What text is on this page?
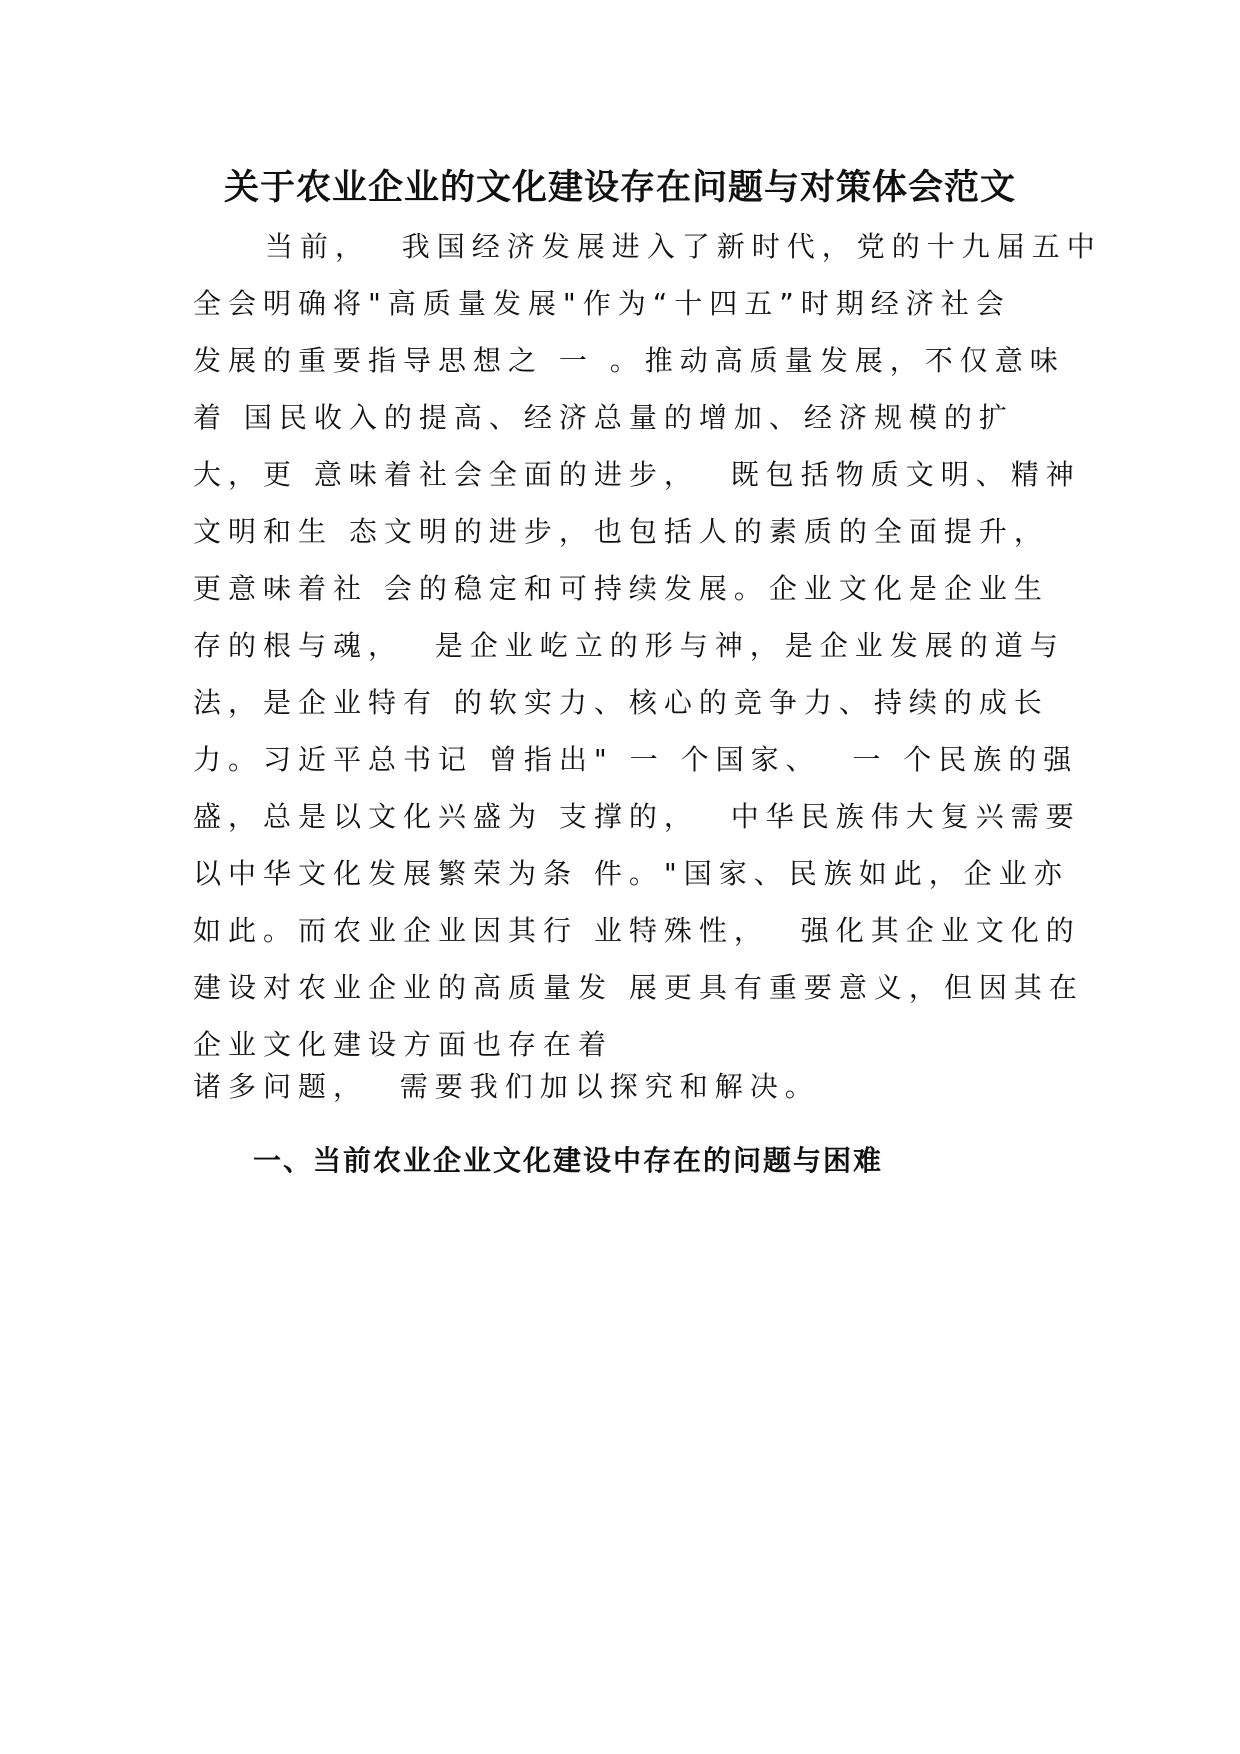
关于农业企业的文化建设存在问题与对策体会范文
当前，  我国经济发展进入了新时代，党的十九届五中
全会明确将"高质量发展"作为“十四五”时期经济社会
发展的重要指导思想之 一 。推动高质量发展，不仅意味
着 国民收入的提高、经济总量的增加、经济规模的扩
大，更 意味着社会全面的进步，  既包括物质文明、精神
文明和生 态文明的进步，也包括人的素质的全面提升，
更意味着社 会的稳定和可持续发展。企业文化是企业生
存的根与魂，  是企业屹立的形与神，是企业发展的道与
法，是企业特有 的软实力、核心的竞争力、持续的成长
力。习近平总书记 曾指出" 一 个国家、  一 个民族的强
盛，总是以文化兴盛为 支撑的，  中华民族伟大复兴需要
以中华文化发展繁荣为条 件。"国家、民族如此，企业亦
如此。而农业企业因其行 业特殊性，  强化其企业文化的
建设对农业企业的高质量发 展更具有重要意义，但因其在
企业文化建设方面也存在着
诸多问题，  需要我们加以探究和解决。
一、当前农业企业文化建设中存在的问题与困难
